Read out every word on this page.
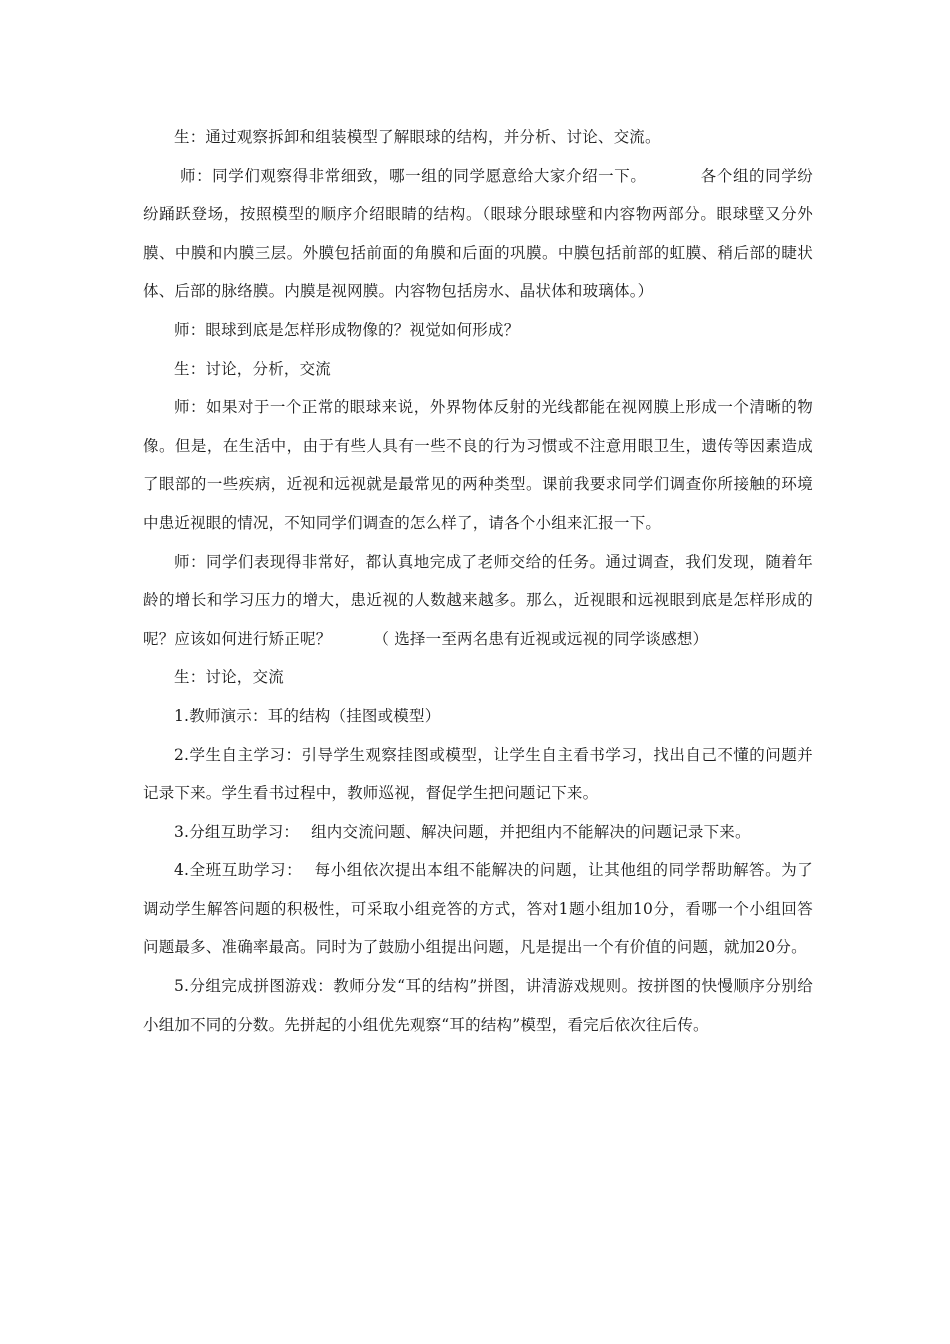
生：通过观察拆卸和组装模型了解眼球的结构，并分析、讨论、交流。

师：同学们观察得非常细致，哪一组的同学愿意给大家介绍一下。	各个组的同学纷纷踊跃登场，按照模型的顺序介绍眼睛的结构。（眼球分眼球壁和内容物两部分。眼球壁又分外膜、中膜和内膜三层。外膜包括前面的角膜和后面的巩膜。中膜包括前部的虹膜、稍后部的睫状体、后部的脉络膜。内膜是视网膜。内容物包括房水、晶状体和玻璃体。）

师：眼球到底是怎样形成物像的？视觉如何形成？

生：讨论，分析，交流

师：如果对于一个正常的眼球来说，外界物体反射的光线都能在视网膜上形成一个清晰的物像。但是，在生活中，由于有些人具有一些不良的行为习惯或不注意用眼卫生，遗传等因素造成了眼部的一些疾病，近视和远视就是最常见的两种类型。课前我要求同学们调查你所接触的环境中患近视眼的情况，不知同学们调查的怎么样了，请各个小组来汇报一下。

师：同学们表现得非常好，都认真地完成了老师交给的任务。通过调查，我们发现，随着年龄的增长和学习压力的增大，患近视的人数越来越多。那么，近视眼和远视眼到底是怎样形成的呢？应该如何进行矫正呢？	（ 选择一至两名患有近视或远视的同学谈感想）

生：讨论，交流

1.教师演示：耳的结构（挂图或模型）

2.学生自主学习：引导学生观察挂图或模型，让学生自主看书学习，找出自己不懂的问题并记录下来。学生看书过程中，教师巡视，督促学生把问题记下来。

3.分组互助学习： 组内交流问题、解决问题，并把组内不能解决的问题记录下来。

4.全班互助学习： 每小组依次提出本组不能解决的问题，让其他组的同学帮助解答。为了调动学生解答问题的积极性，可采取小组竞答的方式，答对1题小组加10分，看哪一个小组回答问题最多、准确率最高。同时为了鼓励小组提出问题，凡是提出一个有价值的问题，就加20分。

5.分组完成拼图游戏：教师分发“耳的结构”拼图，讲清游戏规则。按拼图的快慢顺序分别给小组加不同的分数。先拼起的小组优先观察“耳的结构”模型，看完后依次往后传。
